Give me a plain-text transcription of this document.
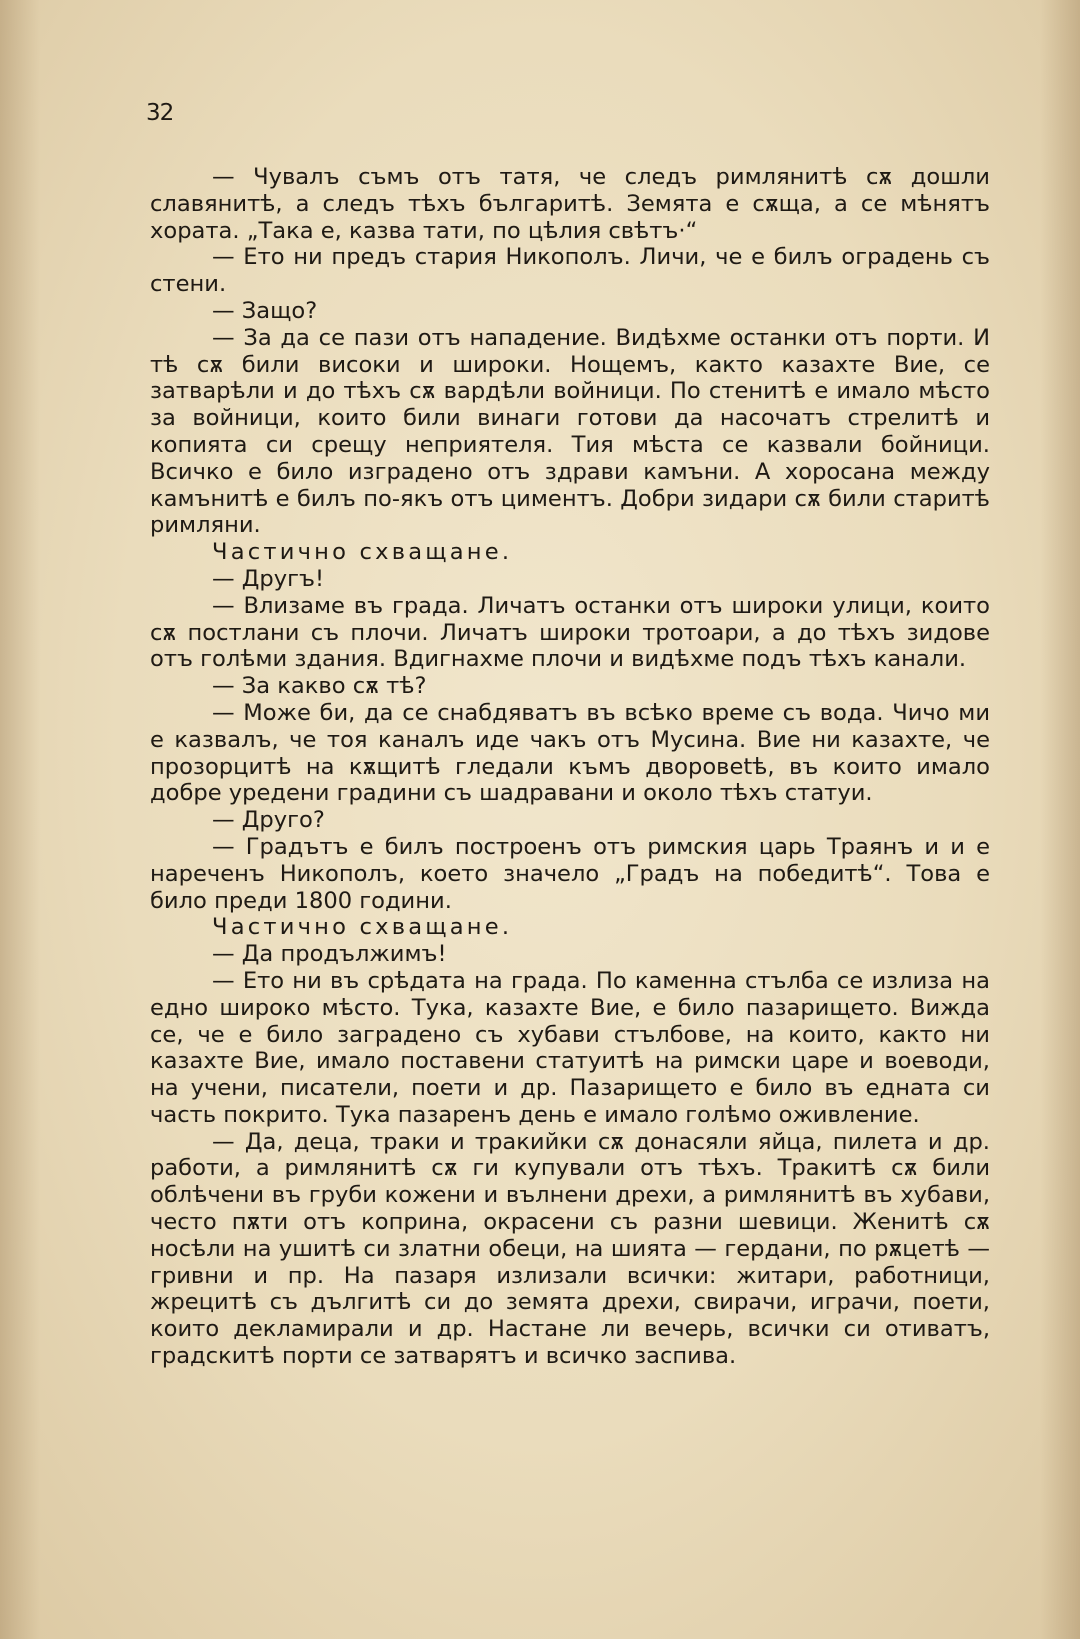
32

— Чувалъ съмъ отъ татя, че следъ римлянитѣ сѫ дошли славянитѣ, а следъ тѣхъ българитѣ. Земята е сѫща, а се мѣнятъ хората. „Така е, казва тати, по цѣлия свѣтъ·“

— Ето ни предъ стария Никополъ. Личи, че е билъ оградень съ стени.

— Защо?

— За да се пази отъ нападение. Видѣхме останки отъ порти. И тѣ сѫ били високи и широки. Нощемъ, както казахте Вие, се затварѣли и до тѣхъ сѫ вардѣли войници. По стенитѣ е имало мѣсто за войници, които били винаги готови да насочатъ стрелитѣ и копията си срещу неприятеля. Тия мѣста се казвали бойници. Всичко е било изградено отъ здрави камъни. А хоросана между камънитѣ е билъ по-якъ отъ циментъ. Добри зидари сѫ били старитѣ римляни.

Частично схващане.

— Другъ!

— Влизаме въ града. Личатъ останки отъ широки улици, които сѫ постлани съ плочи. Личатъ широки тротоари, а до тѣхъ зидове отъ голѣми здания. Вдигнахме плочи и видѣхме подъ тѣхъ канали.

— За какво сѫ тѣ?

— Може би, да се снабдяватъ въ всѣко време съ вода. Чичо ми е казвалъ, че тоя каналъ иде чакъ отъ Мусина. Вие ни казахте, че прозорцитѣ на кѫщитѣ гледали къмъ дворовеtѣ, въ които имало добре уредени градини съ шадравани и около тѣхъ статуи.

— Друго?

— Градътъ е билъ построенъ отъ римския царь Траянъ и и е нареченъ Никополъ, което значело „Градъ на победитѣ“. Това е било преди 1800 години.

Частично схващане.

— Да продължимъ!

— Ето ни въ срѣдата на града. По каменна стълба се излиза на едно широко мѣсто. Тука, казахте Вие, е било пазарището. Вижда се, че е било заградено съ хубави стълбове, на които, както ни казахте Вие, имало поставени статуитѣ на римски царе и воеводи, на учени, писатели, поети и др. Пазарището е било въ едната си часть покрито. Тука пазаренъ день е имало голѣмо оживление.

— Да, деца, траки и тракийки сѫ донасяли яйца, пилета и др. работи, а римлянитѣ сѫ ги купували отъ тѣхъ. Тракитѣ сѫ били облѣчени въ груби кожени и вълнени дрехи, а римлянитѣ въ хубави, често пѫти отъ коприна, окрасени съ разни шевици. Женитѣ сѫ носѣли на ушитѣ си златни обеци, на шията — гердани, по рѫцетѣ — гривни и пр. На пазаря излизали всички: житари, работници, жрецитѣ съ дългитѣ си до земята дрехи, свирачи, играчи, поети, които декламирали и др. Настане ли вечерь, всички си отиватъ, градскитѣ порти се затварятъ и всичко заспива.
